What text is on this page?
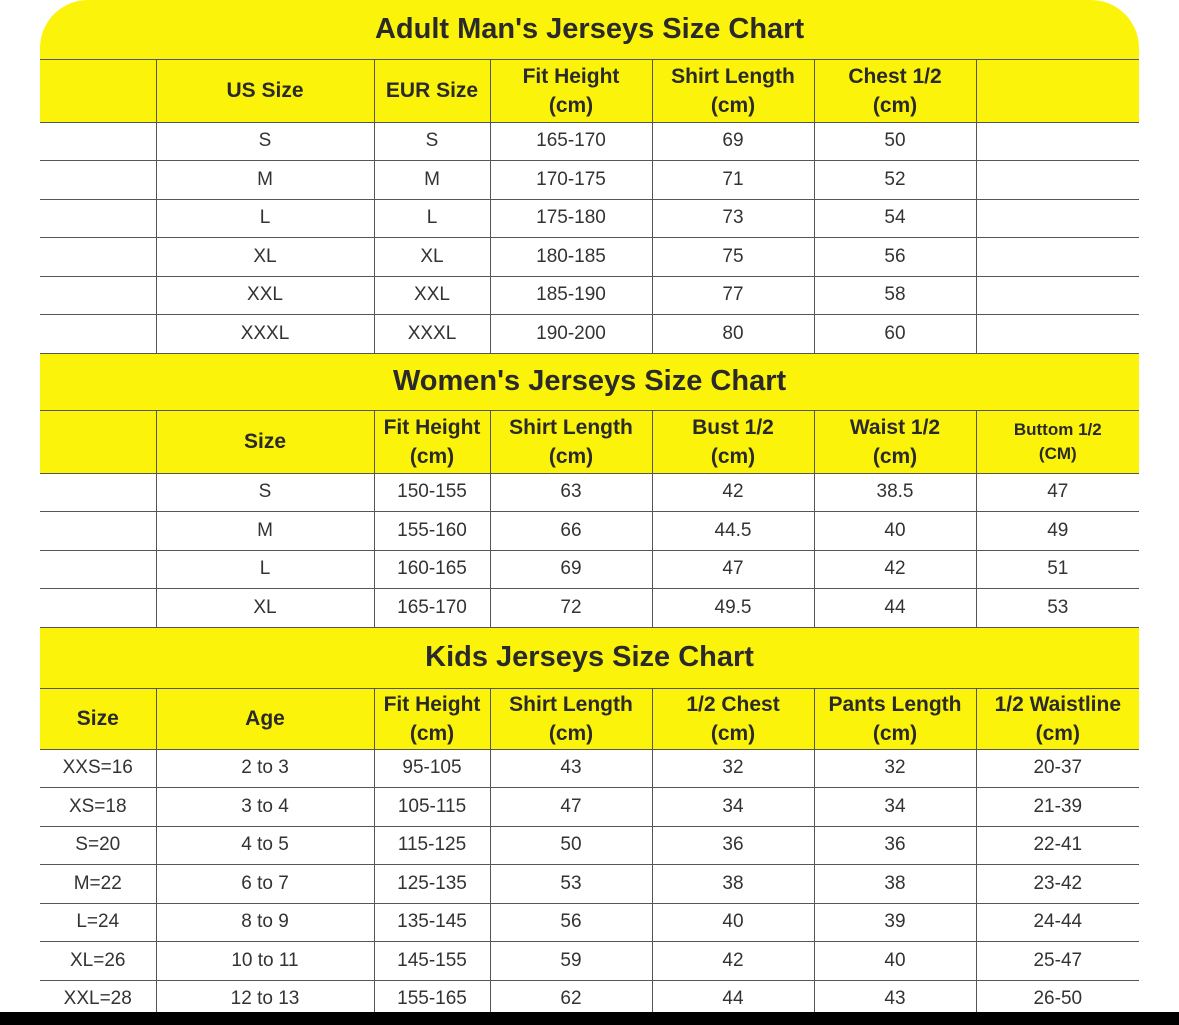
Adult Man's Jerseys Size Chart						
	US Size	EUR Size	Fit Height
(cm)	Shirt Length
(cm)	Chest 1/2
(cm)	
	S	S	165-170	69	50	
	M	M	170-175	71	52	
	L	L	175-180	73	54	
	XL	XL	180-185	75	56	
	XXL	XXL	185-190	77	58	
	XXXL	XXXL	190-200	80	60	
Women's Jerseys Size Chart						
	Size	Fit Height
(cm)	Shirt Length
(cm)	Bust 1/2
(cm)	Waist 1/2
(cm)	Buttom 1/2
(CM)
	S	150-155	63	42	38.5	47
	M	155-160	66	44.5	40	49
	L	160-165	69	47	42	51
	XL	165-170	72	49.5	44	53
Kids Jerseys Size Chart						
Size	Age	Fit Height
(cm)	Shirt Length
(cm)	1/2 Chest
(cm)	Pants Length
(cm)	1/2 Waistline
(cm)
XXS=16	2 to 3	95-105	43	32	32	20-37
XS=18	3 to 4	105-115	47	34	34	21-39
S=20	4 to 5	115-125	50	36	36	22-41
M=22	6 to 7	125-135	53	38	38	23-42
L=24	8 to 9	135-145	56	40	39	24-44
XL=26	10 to 11	145-155	59	42	40	25-47
XXL=28	12 to 13	155-165	62	44	43	26-50
